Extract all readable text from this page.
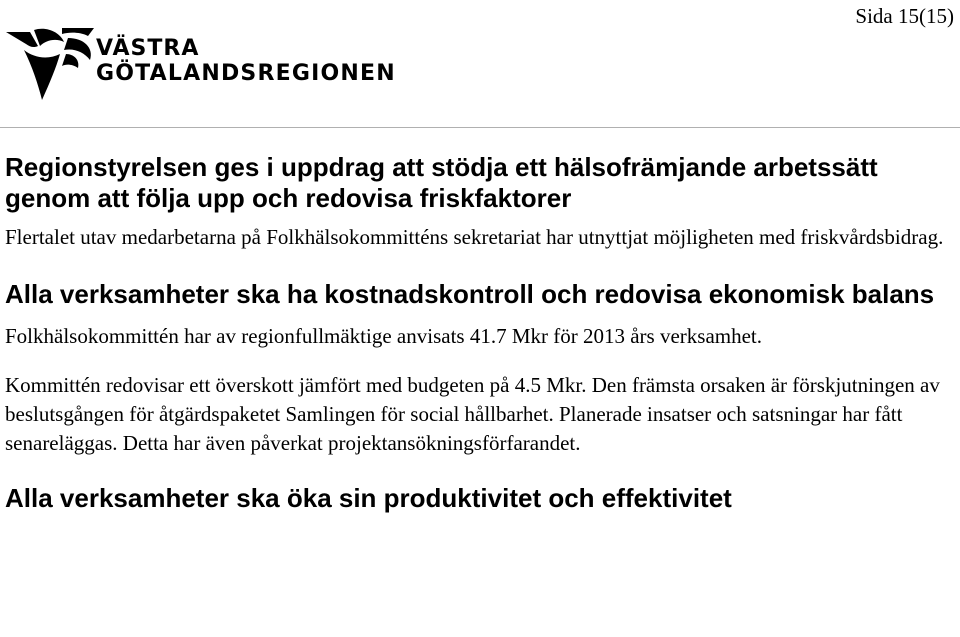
Sida 15(15)
VÄSTRA
GÖTALANDSREGIONEN
Regionstyrelsen ges i uppdrag att stödja ett hälsofrämjande arbetssätt genom att följa upp och redovisa friskfaktorer

Flertalet utav medarbetarna på Folkhälsokommitténs sekretariat har utnyttjat möjligheten med friskvårdsbidrag.

Alla verksamheter ska ha kostnadskontroll och redovisa ekonomisk balans

Folkhälsokommittén har av regionfullmäktige anvisats 41.7 Mkr för 2013 års verksamhet.

Kommittén redovisar ett överskott jämfört med budgeten på 4.5 Mkr. Den främsta orsaken är förskjutningen av beslutsgången för åtgärdspaketet Samlingen för social hållbarhet. Planerade insatser och satsningar har fått senareläggas. Detta har även påverkat projektansökningsförfarandet.

Alla verksamheter ska öka sin produktivitet och effektivitet
